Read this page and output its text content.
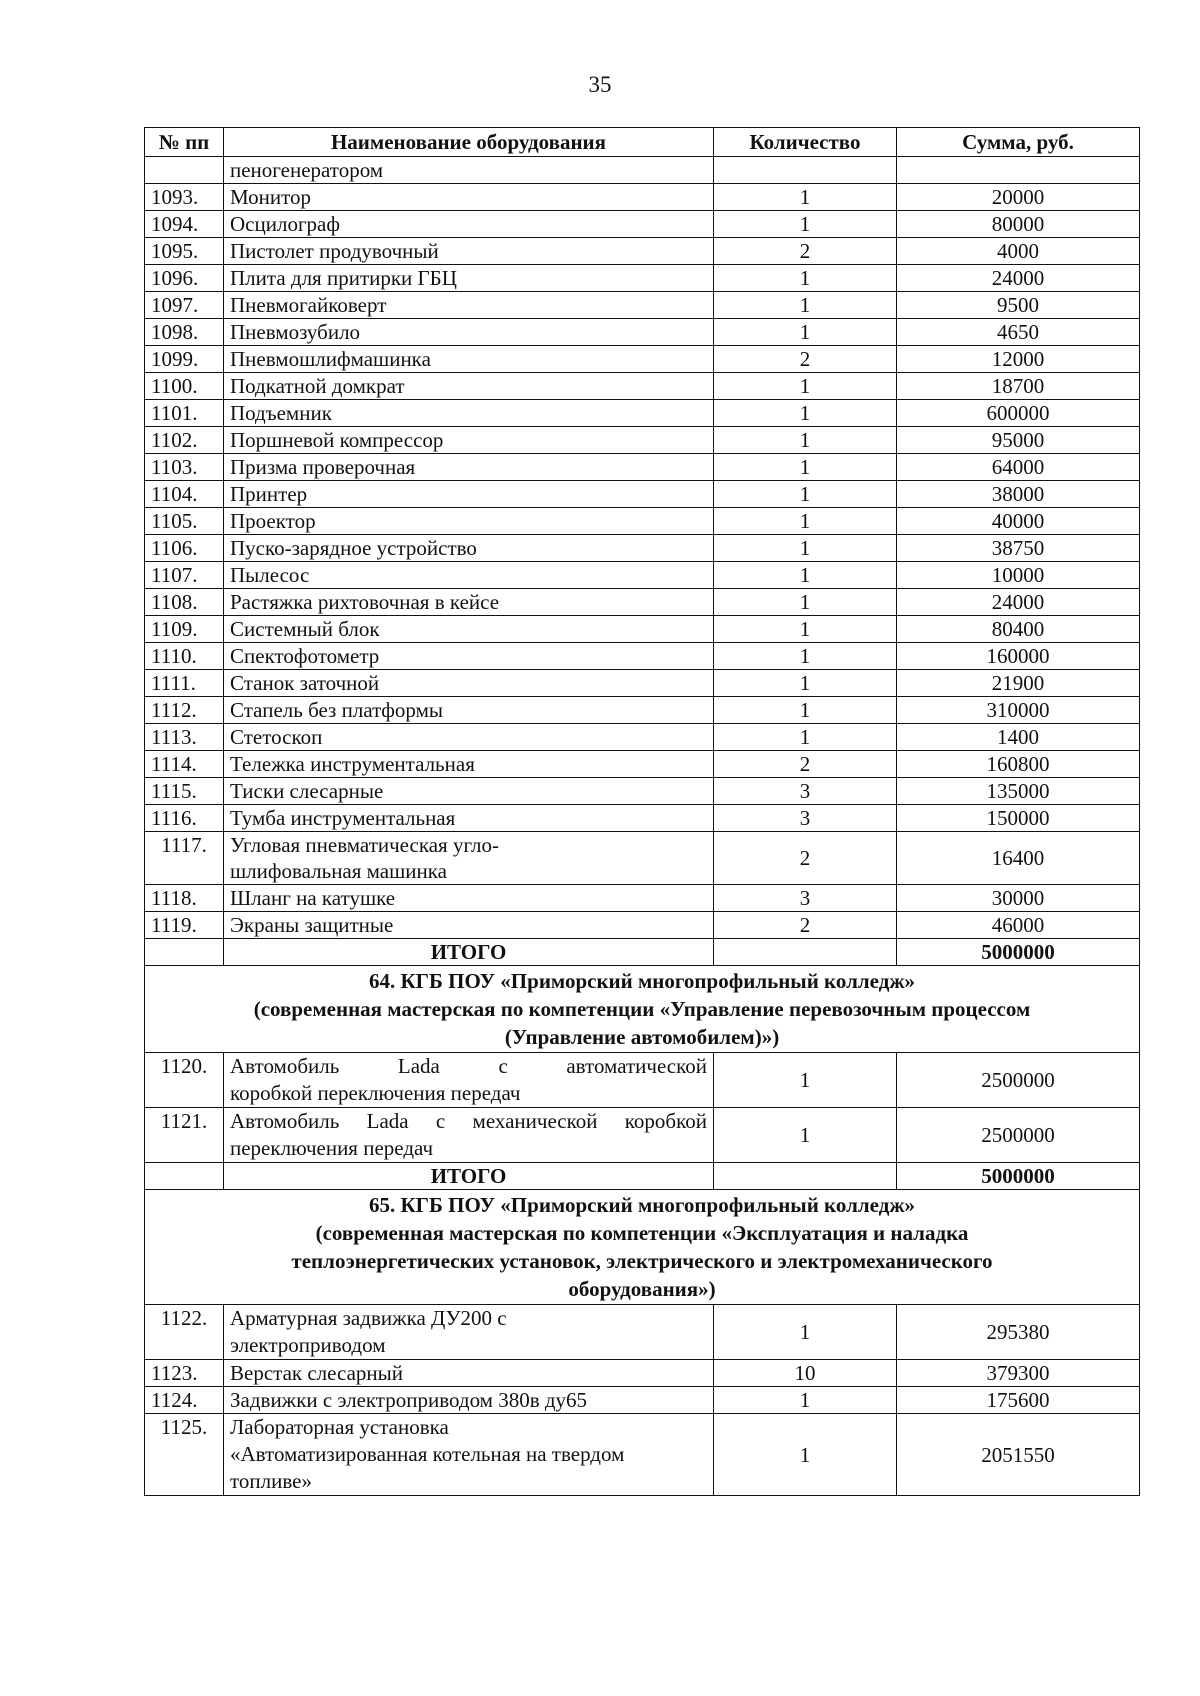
35
№ пп	Наименование оборудования	Количество	Сумма, руб.
	пеногенератором		
1093.	Монитор	1	20000
1094.	Осцилограф	1	80000
1095.	Пистолет продувочный	2	4000
1096.	Плита для притирки ГБЦ	1	24000
1097.	Пневмогайковерт	1	9500
1098.	Пневмозубило	1	4650
1099.	Пневмошлифмашинка	2	12000
1100.	Подкатной домкрат	1	18700
1101.	Подъемник	1	600000
1102.	Поршневой компрессор	1	95000
1103.	Призма проверочная	1	64000
1104.	Принтер	1	38000
1105.	Проектор	1	40000
1106.	Пуско-зарядное устройство	1	38750
1107.	Пылесос	1	10000
1108.	Растяжка рихтовочная в кейсе	1	24000
1109.	Системный блок	1	80400
1110.	Спектофотометр	1	160000
1111.	Станок заточной	1	21900
1112.	Стапель без платформы	1	310000
1113.	Стетоскоп	1	1400
1114.	Тележка инструментальная	2	160800
1115.	Тиски слесарные	3	135000
1116.	Тумба инструментальная	3	150000
1117.	Угловая пневматическая угло-
шлифовальная машинка	2	16400
1118.	Шланг на катушке	3	30000
1119.	Экраны защитные	2	46000
	ИТОГО		5000000
64. КГБ ПОУ «Приморский многопрофильный колледж»
(современная мастерская по компетенции «Управление перевозочным процессом
(Управление автомобилем)»)			
1120.	Автомобиль Lada с автоматической
коробкой переключения передач	1	2500000
1121.	Автомобиль Lada с механической коробкой
переключения передач	1	2500000
	ИТОГО		5000000
65. КГБ ПОУ «Приморский многопрофильный колледж»
(современная мастерская по компетенции «Эксплуатация и наладка
теплоэнергетических установок, электрического и электромеханического
оборудования»)			
1122.	Арматурная задвижка ДУ200 с
электроприводом	1	295380
1123.	Верстак слесарный	10	379300
1124.	Задвижки с электроприводом 380в ду65	1	175600
1125.	Лабораторная установка
«Автоматизированная котельная на твердом
топливе»	1	2051550
